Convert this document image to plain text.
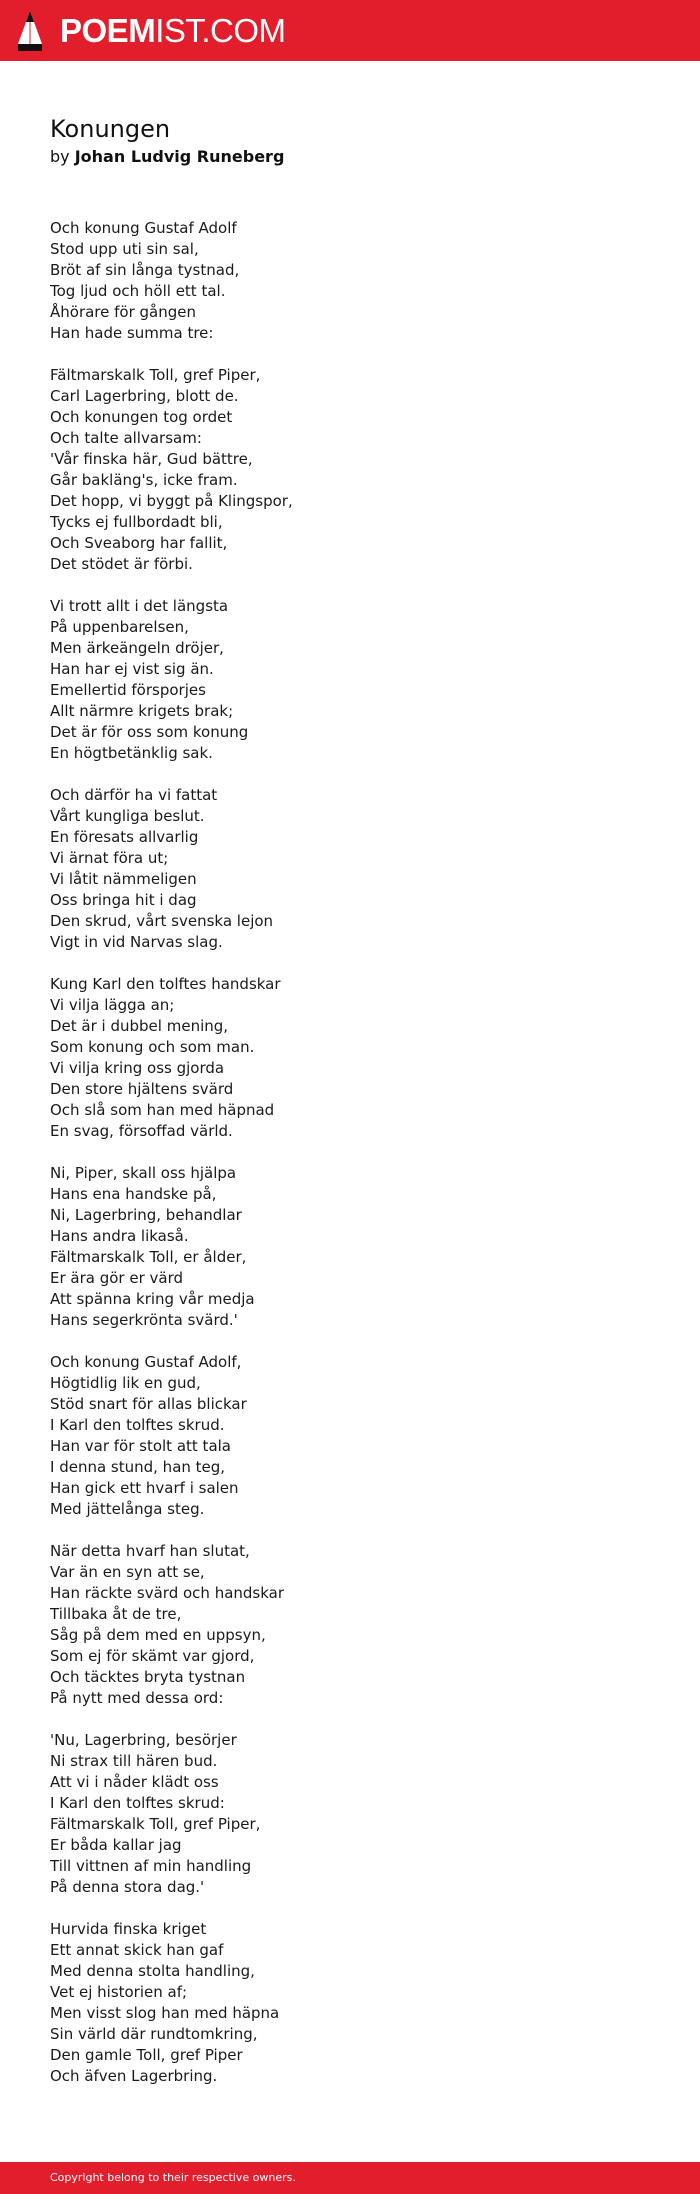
POEMIST.COM
Konungen
by Johan Ludvig Runeberg
Och konung Gustaf Adolf
Stod upp uti sin sal,
Bröt af sin långa tystnad,
Tog ljud och höll ett tal.
Åhörare för gången
Han hade summa tre:
Fältmarskalk Toll, gref Piper,
Carl Lagerbring, blott de.
Och konungen tog ordet
Och talte allvarsam:
'Vår finska här, Gud bättre,
Går bakläng's, icke fram.
Det hopp, vi byggt på Klingspor,
Tycks ej fullbordadt bli,
Och Sveaborg har fallit,
Det stödet är förbi.
Vi trott allt i det längsta
På uppenbarelsen,
Men ärkeängeln dröjer,
Han har ej vist sig än.
Emellertid försporjes
Allt närmre krigets brak;
Det är för oss som konung
En högtbetänklig sak.
Och därför ha vi fattat
Vårt kungliga beslut.
En föresats allvarlig
Vi ärnat föra ut;
Vi låtit nämmeligen
Oss bringa hit i dag
Den skrud, vårt svenska lejon
Vigt in vid Narvas slag.
Kung Karl den tolftes handskar
Vi vilja lägga an;
Det är i dubbel mening,
Som konung och som man.
Vi vilja kring oss gjorda
Den store hjältens svärd
Och slå som han med häpnad
En svag, försoffad värld.
Ni, Piper, skall oss hjälpa
Hans ena handske på,
Ni, Lagerbring, behandlar
Hans andra likaså.
Fältmarskalk Toll, er ålder,
Er ära gör er värd
Att spänna kring vår medja
Hans segerkrönta svärd.'
Och konung Gustaf Adolf,
Högtidlig lik en gud,
Stöd snart för allas blickar
I Karl den tolftes skrud.
Han var för stolt att tala
I denna stund, han teg,
Han gick ett hvarf i salen
Med jättelånga steg.
När detta hvarf han slutat,
Var än en syn att se,
Han räckte svärd och handskar
Tillbaka åt de tre,
Såg på dem med en uppsyn,
Som ej för skämt var gjord,
Och täcktes bryta tystnan
På nytt med dessa ord:
'Nu, Lagerbring, besörjer
Ni strax till hären bud.
Att vi i nåder klädt oss
I Karl den tolftes skrud:
Fältmarskalk Toll, gref Piper,
Er båda kallar jag
Till vittnen af min handling
På denna stora dag.'
Hurvida finska kriget
Ett annat skick han gaf
Med denna stolta handling,
Vet ej historien af;
Men visst slog han med häpna
Sin värld där rundtomkring,
Den gamle Toll, gref Piper
Och äfven Lagerbring.
Copyright belong to their respective owners.
